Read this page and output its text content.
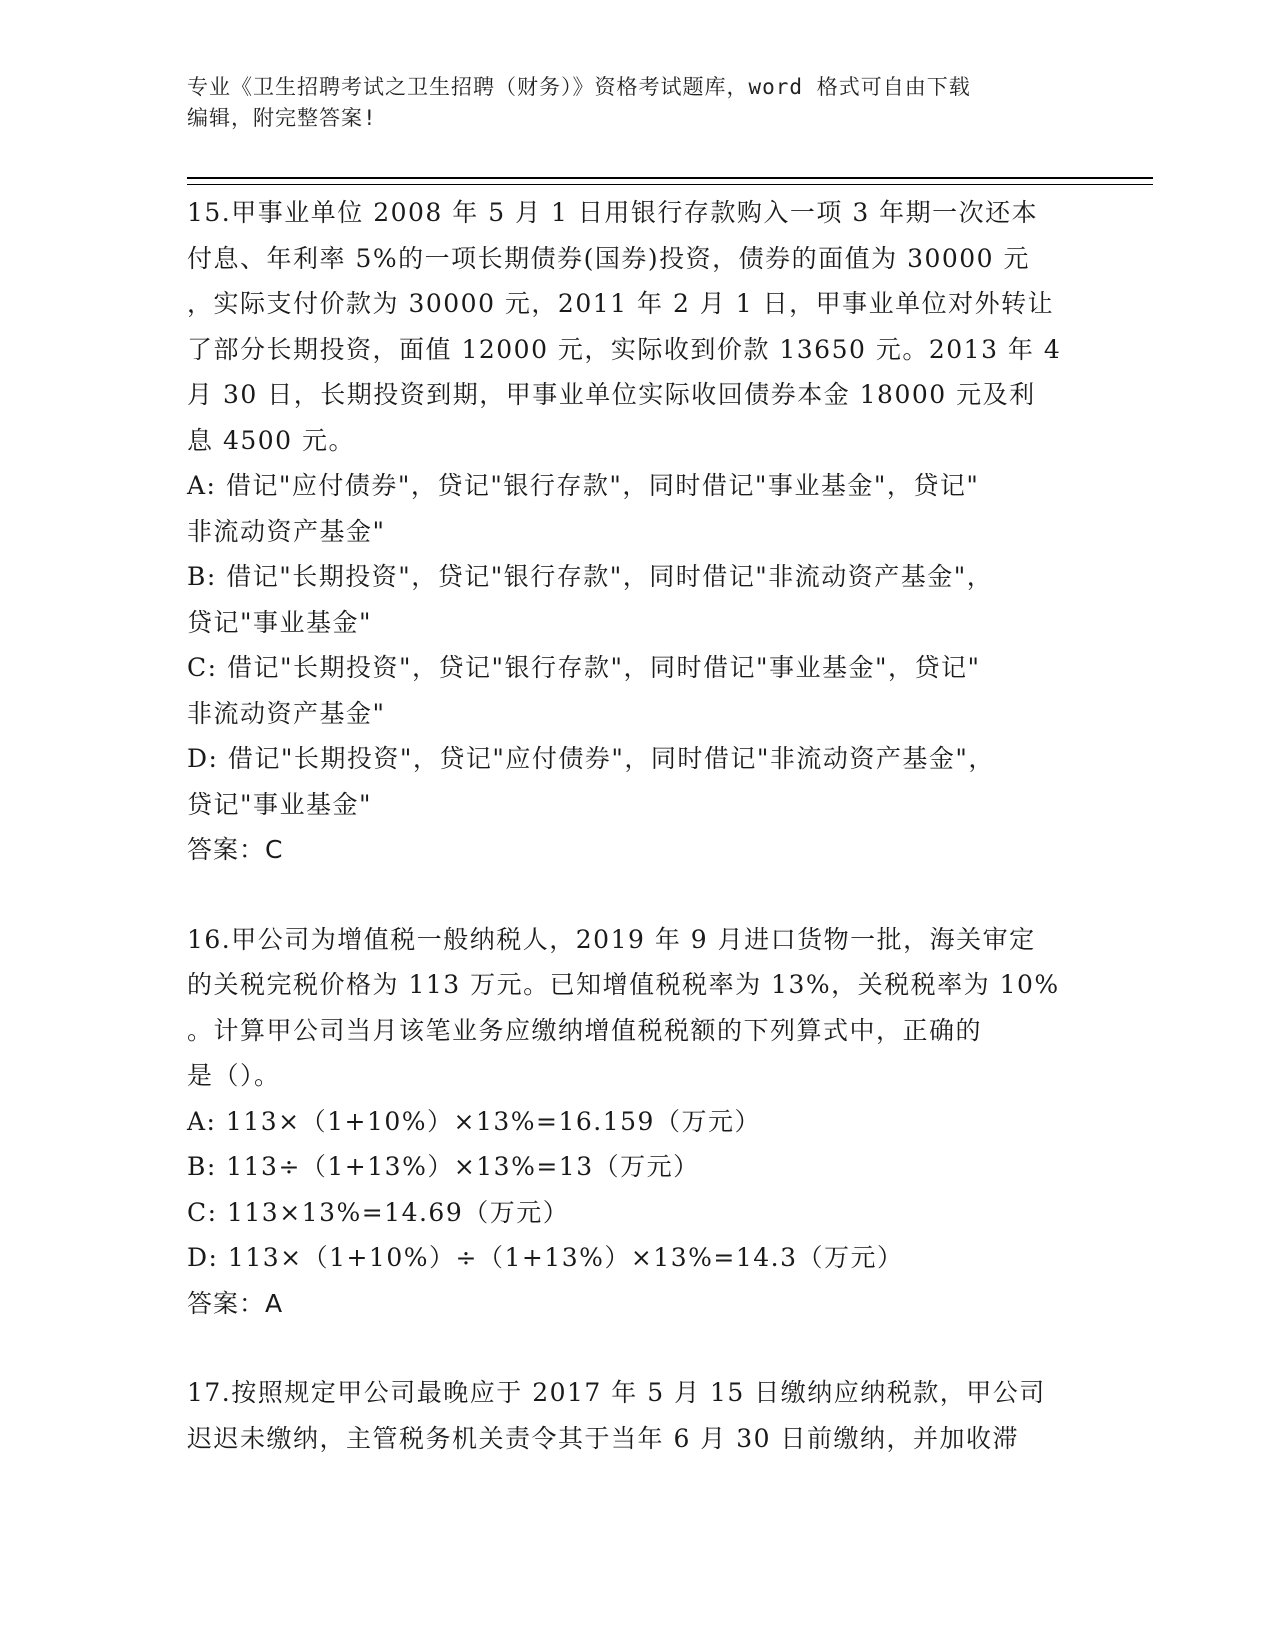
专业《卫生招聘考试之卫生招聘（财务）》资格考试题库，word 格式可自由下载
编辑，附完整答案!
15.甲事业单位 2008 年 5 月 1 日用银行存款购入一项 3 年期一次还本
付息、年利率 5%的一项长期债券(国券)投资，债券的面值为 30000 元
，实际支付价款为 30000 元，2011 年 2 月 1 日，甲事业单位对外转让
了部分长期投资，面值 12000 元，实际收到价款 13650 元。2013 年 4
月 30 日，长期投资到期，甲事业单位实际收回债券本金 18000 元及利
息 4500 元。
A: 借记"应付债券"，贷记"银行存款"，同时借记"事业基金"，贷记"
非流动资产基金"
B: 借记"长期投资"，贷记"银行存款"，同时借记"非流动资产基金"，
贷记"事业基金"
C: 借记"长期投资"，贷记"银行存款"，同时借记"事业基金"，贷记"
非流动资产基金"
D: 借记"长期投资"，贷记"应付债券"，同时借记"非流动资产基金"，
贷记"事业基金"
答案：C
16.甲公司为增值税一般纳税人，2019 年 9 月进口货物一批，海关审定
的关税完税价格为 113 万元。已知增值税税率为 13%，关税税率为 10%
。计算甲公司当月该笔业务应缴纳增值税税额的下列算式中，正确的
是（）。
A: 113×（1+10%）×13%=16.159（万元）
B: 113÷（1+13%）×13%=13（万元）
C: 113×13%=14.69（万元）
D: 113×（1+10%）÷（1+13%）×13%=14.3（万元）
答案：A
17.按照规定甲公司最晚应于 2017 年 5 月 15 日缴纳应纳税款，甲公司
迟迟未缴纳，主管税务机关责令其于当年 6 月 30 日前缴纳，并加收滞
